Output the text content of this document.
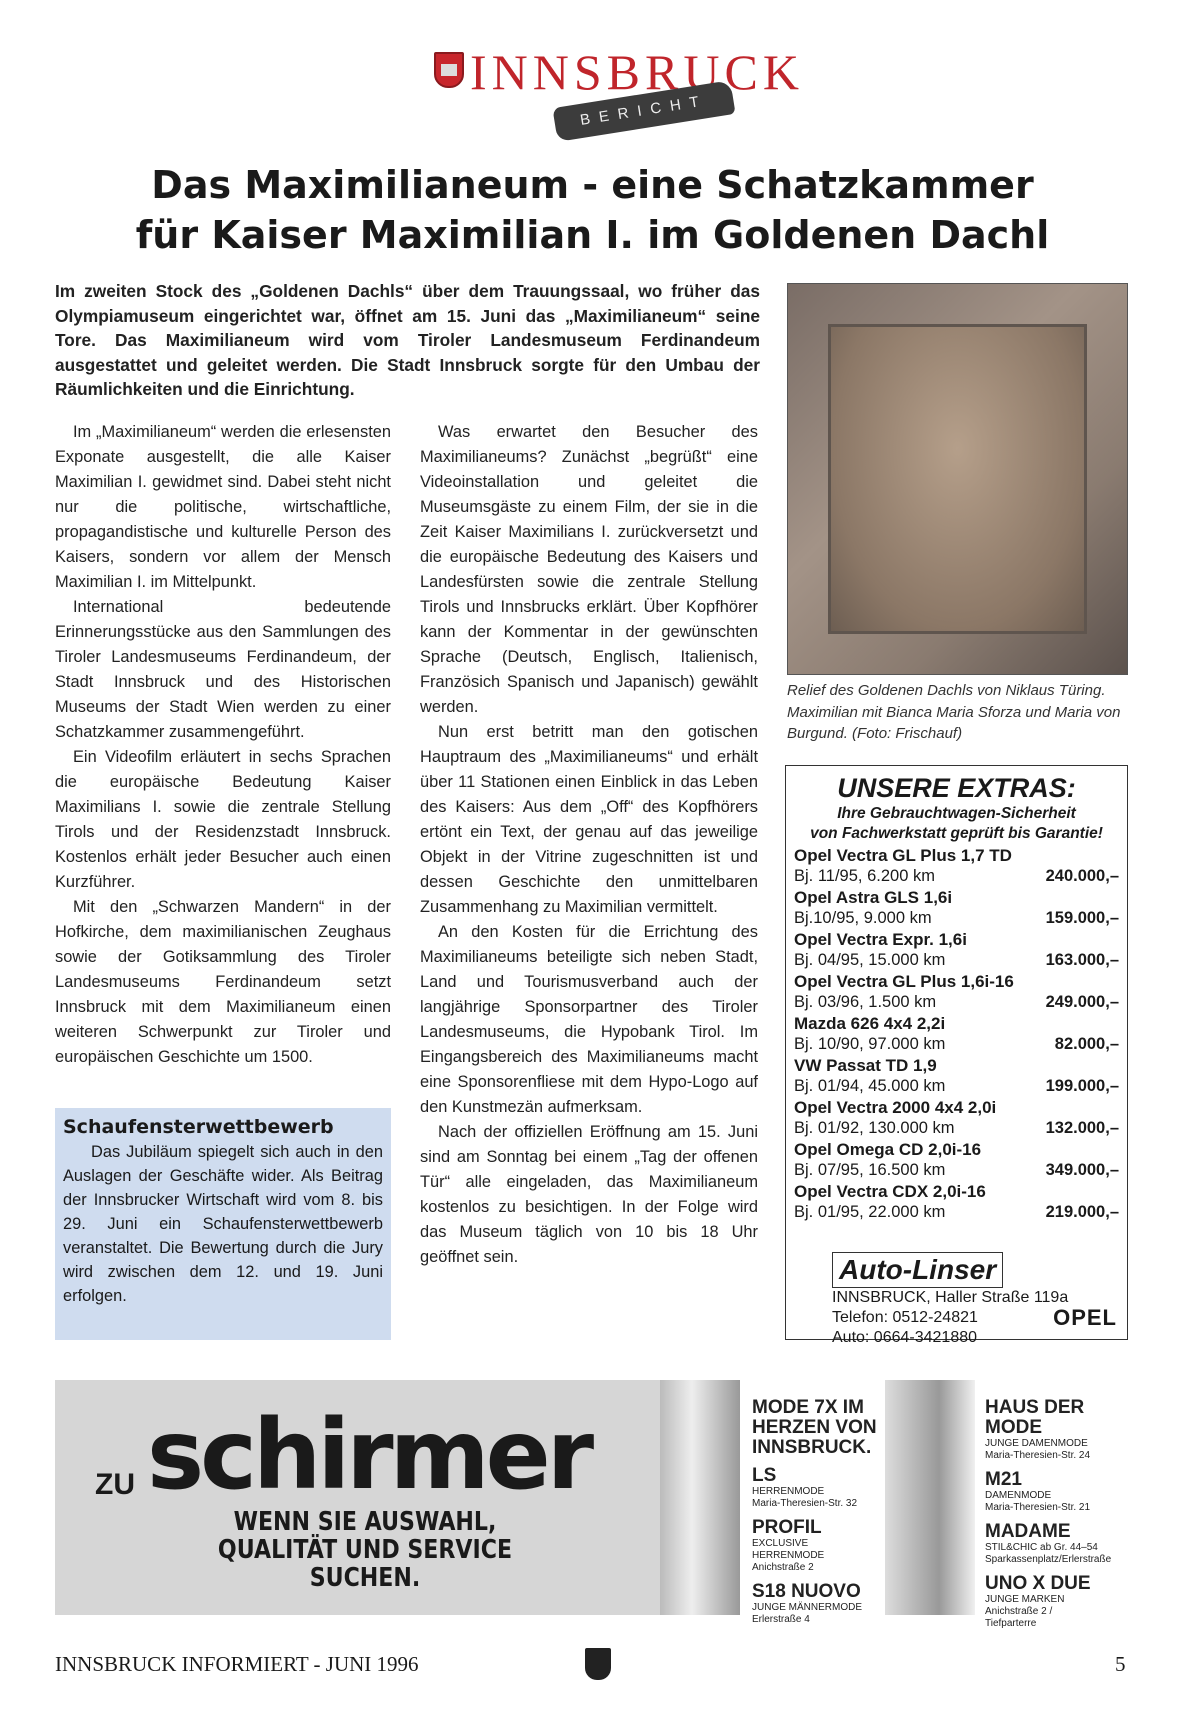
INNSBRUCK
BERICHT
Das Maximilianeum - eine Schatzkammer
für Kaiser Maximilian I. im Goldenen Dachl

Im zweiten Stock des „Goldenen Dachls“ über dem Trauungssaal, wo früher das Olympiamuseum eingerichtet war, öffnet am 15. Juni das „Maximilianeum“ seine Tore. Das Maximilianeum wird vom Tiroler Landesmuseum Ferdinandeum ausgestattet und geleitet werden. Die Stadt Innsbruck sorgte für den Umbau der Räumlichkeiten und die Einrichtung.

Im „Maximilianeum“ werden die erlesensten Exponate ausgestellt, die alle Kaiser Maximilian I. gewidmet sind. Dabei steht nicht nur die politische, wirtschaftliche, propagandistische und kulturelle Person des Kaisers, sondern vor allem der Mensch Maximilian I. im Mittelpunkt.

International bedeutende Erinnerungsstücke aus den Sammlungen des Tiroler Landesmuseums Ferdinandeum, der Stadt Innsbruck und des Historischen Museums der Stadt Wien werden zu einer Schatzkammer zusammengeführt.

Ein Videofilm erläutert in sechs Sprachen die europäische Bedeutung Kaiser Maximilians I. sowie die zentrale Stellung Tirols und der Residenzstadt Innsbruck. Kostenlos erhält jeder Besucher auch einen Kurzführer.

Mit den „Schwarzen Mandern“ in der Hofkirche, dem maximilianischen Zeughaus sowie der Gotiksammlung des Tiroler Landesmuseums Ferdinandeum setzt Innsbruck mit dem Maximilianeum einen weiteren Schwerpunkt zur Tiroler und europäischen Geschichte um 1500.

Was erwartet den Besucher des Maximilianeums? Zunächst „begrüßt“ eine Videoinstallation und geleitet die Museumsgäste zu einem Film, der sie in die Zeit Kaiser Maximilians I. zurückversetzt und die europäische Bedeutung des Kaisers und Landesfürsten sowie die zentrale Stellung Tirols und Innsbrucks erklärt. Über Kopfhörer kann der Kommentar in der gewünschten Sprache (Deutsch, Englisch, Italienisch, Französich Spanisch und Japanisch) gewählt werden.

Nun erst betritt man den gotischen Hauptraum des „Maximilianeums“ und erhält über 11 Stationen einen Einblick in das Leben des Kaisers: Aus dem „Off“ des Kopfhörers ertönt ein Text, der genau auf das jeweilige Objekt in der Vitrine zugeschnitten ist und dessen Geschichte den unmittelbaren Zusammenhang zu Maximilian vermittelt.

An den Kosten für die Errichtung des Maximilianeums beteiligte sich neben Stadt, Land und Tourismusverband auch der langjährige Sponsorpartner des Tiroler Landesmuseums, die Hypobank Tirol. Im Eingangsbereich des Maximilianeums macht eine Sponsorenfliese mit dem Hypo-Logo auf den Kunstmezän aufmerksam.

Nach der offiziellen Eröffnung am 15. Juni sind am Sonntag bei einem „Tag der offenen Tür“ alle eingeladen, das Maximilianeum kostenlos zu besichtigen. In der Folge wird das Museum täglich von 10 bis 18 Uhr geöffnet sein.

Relief des Goldenen Dachls von Niklaus Türing. Maximilian mit Bianca Maria Sforza und Maria von Burgund. (Foto: Frischauf)

Schaufensterwettbewerb

Das Jubiläum spiegelt sich auch in den Auslagen der Geschäfte wider. Als Beitrag der Innsbrucker Wirtschaft wird vom 8. bis 29. Juni ein Schaufensterwettbewerb veranstaltet. Die Bewertung durch die Jury wird zwischen dem 12. und 19. Juni erfolgen.

UNSERE EXTRAS:
Ihre Gebrauchtwagen-Sicherheit
von Fachwerkstatt geprüft bis Garantie!
Opel Vectra GL Plus 1,7 TD
Bj. 11/95, 6.200 km	240.000,–
Opel Astra GLS 1,6i
Bj.10/95, 9.000 km	159.000,–
Opel Vectra Expr. 1,6i
Bj. 04/95, 15.000 km	163.000,–
Opel Vectra GL Plus 1,6i-16
Bj. 03/96, 1.500 km	249.000,–
Mazda 626 4x4 2,2i
Bj. 10/90, 97.000 km	82.000,–
VW Passat TD 1,9
Bj. 01/94, 45.000 km	199.000,–
Opel Vectra 2000 4x4 2,0i
Bj. 01/92, 130.000 km	132.000,–
Opel Omega CD 2,0i-16
Bj. 07/95, 16.500 km	349.000,–
Opel Vectra CDX 2,0i-16
Bj. 01/95, 22.000 km	219.000,–
Auto-Linser
INNSBRUCK, Haller Straße 119a
Telefon: 0512-24821
Auto: 0664-3421880
OPEL
ZU schirmer
WENN SIE AUSWAHL,
QUALITÄT UND SERVICE
SUCHEN.
MODE 7X IM HERZEN VON INNSBRUCK.
LS
HERRENMODE
Maria-Theresien-Str. 32
PROFIL
EXCLUSIVE HERRENMODE
Anichstraße 2
S18 NUOVO
JUNGE MÄNNERMODE
Erlerstraße 4
HAUS DER MODE
JUNGE DAMENMODE
Maria-Theresien-Str. 24
M21
DAMENMODE
Maria-Theresien-Str. 21
MADAME
STIL&CHIC ab Gr. 44–54
Sparkassenplatz/Erlerstraße
UNO X DUE
JUNGE MARKEN
Anichstraße 2 / Tiefparterre
INNSBRUCK INFORMIERT - JUNI 1996	5
